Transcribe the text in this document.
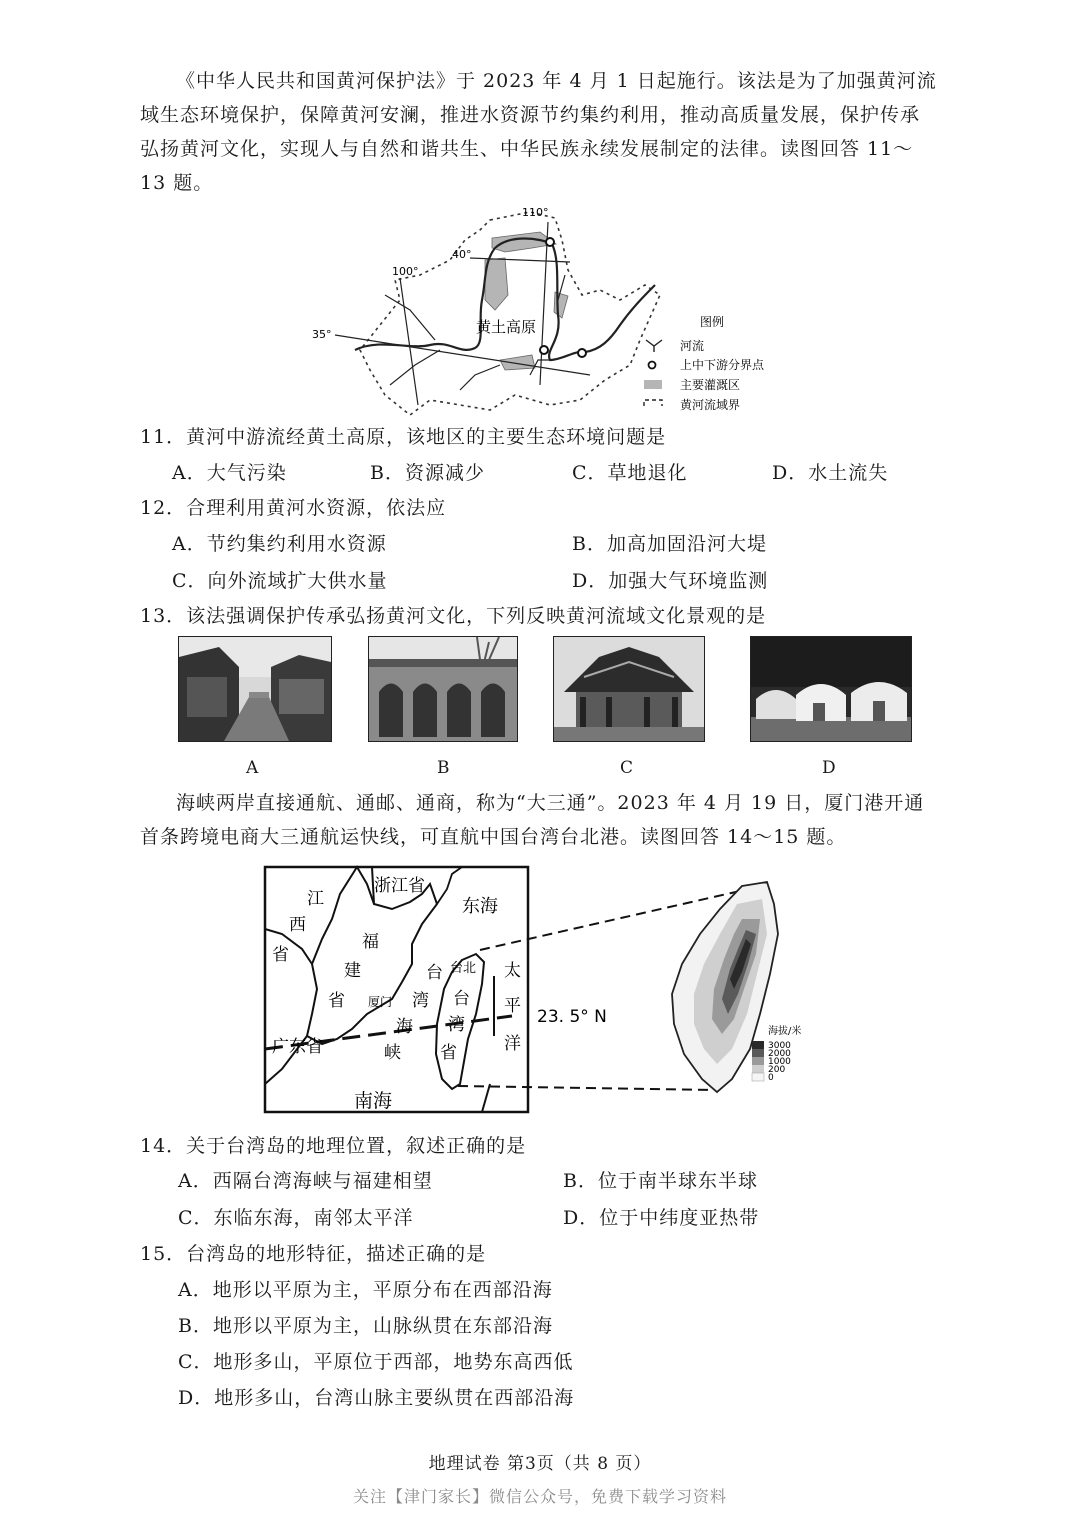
《中华人民共和国黄河保护法》于 2023 年 4 月 1 日起施行。该法是为了加强黄河流
域生态环境保护，保障黄河安澜，推进水资源节约集约利用，推动高质量发展，保护传承
弘扬黄河文化，实现人与自然和谐共生、中华民族永续发展制定的法律。读图回答 11～
13 题。
110°
40°
100°
35°	黄土高原	图例
河流
上中下游分界点
主要灌溉区
黄河流域界
11．黄河中游流经黄土高原，该地区的主要生态环境问题是
A．大气污染	B．资源减少	C．草地退化	D．水土流失
12．合理利用黄河水资源，依法应
A．节约集约利用水资源	B．加高加固沿河大堤
C．向外流域扩大供水量	D．加强大气环境监测
13．该法强调保护传承弘扬黄河文化，下列反映黄河流域文化景观的是
A	B	C	D
海峡两岸直接通航、通邮、通商，称为“大三通”。2023 年 4 月 19 日，厦门港开通
首条跨境电商大三通航运快线，可直航中国台湾台北港。读图回答 14～15 题。
浙江省
东海
江
西
省
福
建
省 厦门
台北
台
湾
海
峡
台
湾
省
太
平
洋
广东省
南海
23. 5° N
海拔/米
3000
2000
1000
200
0
14．关于台湾岛的地理位置，叙述正确的是
A．西隔台湾海峡与福建相望	B．位于南半球东半球
C．东临东海，南邻太平洋	D．位于中纬度亚热带
15．台湾岛的地形特征，描述正确的是
A．地形以平原为主，平原分布在西部沿海
B．地形以平原为主，山脉纵贯在东部沿海
C．地形多山，平原位于西部，地势东高西低
D．地形多山，台湾山脉主要纵贯在西部沿海
地理试卷 第3页（共 8 页）
关注【津门家长】微信公众号，免费下载学习资料
